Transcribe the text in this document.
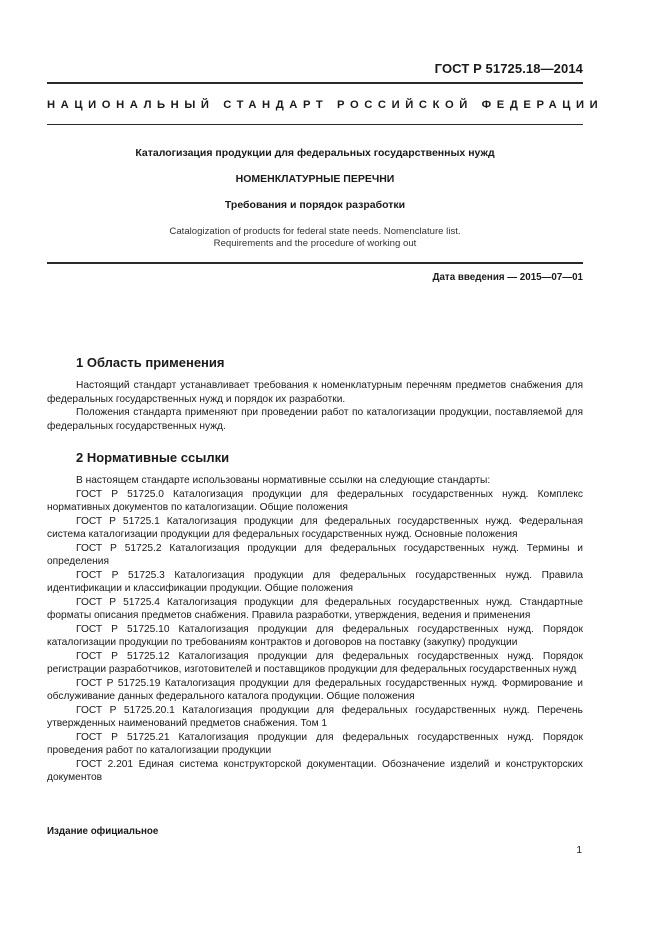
ГОСТ Р 51725.18—2014
НАЦИОНАЛЬНЫЙ СТАНДАРТ РОССИЙСКОЙ ФЕДЕРАЦИИ
Каталогизация продукции для федеральных государственных нужд
НОМЕНКЛАТУРНЫЕ ПЕРЕЧНИ
Требования и порядок разработки
Catalogization of products for federal state needs. Nomenclature list.
Requirements and the procedure of working out
Дата введения — 2015—07—01
1 Область применения

Настоящий стандарт устанавливает требования к номенклатурным перечням предметов снабжения для федеральных государственных нужд и порядок их разработки.

Положения стандарта применяют при проведении работ по каталогизации продукции, поставляемой для федеральных государственных нужд.

2 Нормативные ссылки

В настоящем стандарте использованы нормативные ссылки на следующие стандарты:

ГОСТ Р 51725.0 Каталогизация продукции для федеральных государственных нужд. Комплекс нормативных документов по каталогизации. Общие положения

ГОСТ Р 51725.1 Каталогизация продукции для федеральных государственных нужд. Федеральная система каталогизации продукции для федеральных государственных нужд. Основные положения

ГОСТ Р 51725.2 Каталогизация продукции для федеральных государственных нужд. Термины и определения

ГОСТ Р 51725.3 Каталогизация продукции для федеральных государственных нужд. Правила идентификации и классификации продукции. Общие положения

ГОСТ Р 51725.4 Каталогизация продукции для федеральных государственных нужд. Стандартные форматы описания предметов снабжения. Правила разработки, утверждения, ведения и применения

ГОСТ Р 51725.10 Каталогизация продукции для федеральных государственных нужд. Порядок каталогизации продукции по требованиям контрактов и договоров на поставку (закупку) продукции

ГОСТ Р 51725.12 Каталогизация продукции для федеральных государственных нужд. Порядок регистрации разработчиков, изготовителей и поставщиков продукции для федеральных государственных нужд

ГОСТ Р 51725.19 Каталогизация продукции для федеральных государственных нужд. Формирование и обслуживание данных федерального каталога продукции. Общие положения

ГОСТ Р 51725.20.1 Каталогизация продукции для федеральных государственных нужд. Перечень утвержденных наименований предметов снабжения. Том 1

ГОСТ Р 51725.21 Каталогизация продукции для федеральных государственных нужд. Порядок проведения работ по каталогизации продукции

ГОСТ 2.201 Единая система конструкторской документации. Обозначение изделий и конструкторских документов

Издание официальное
1
